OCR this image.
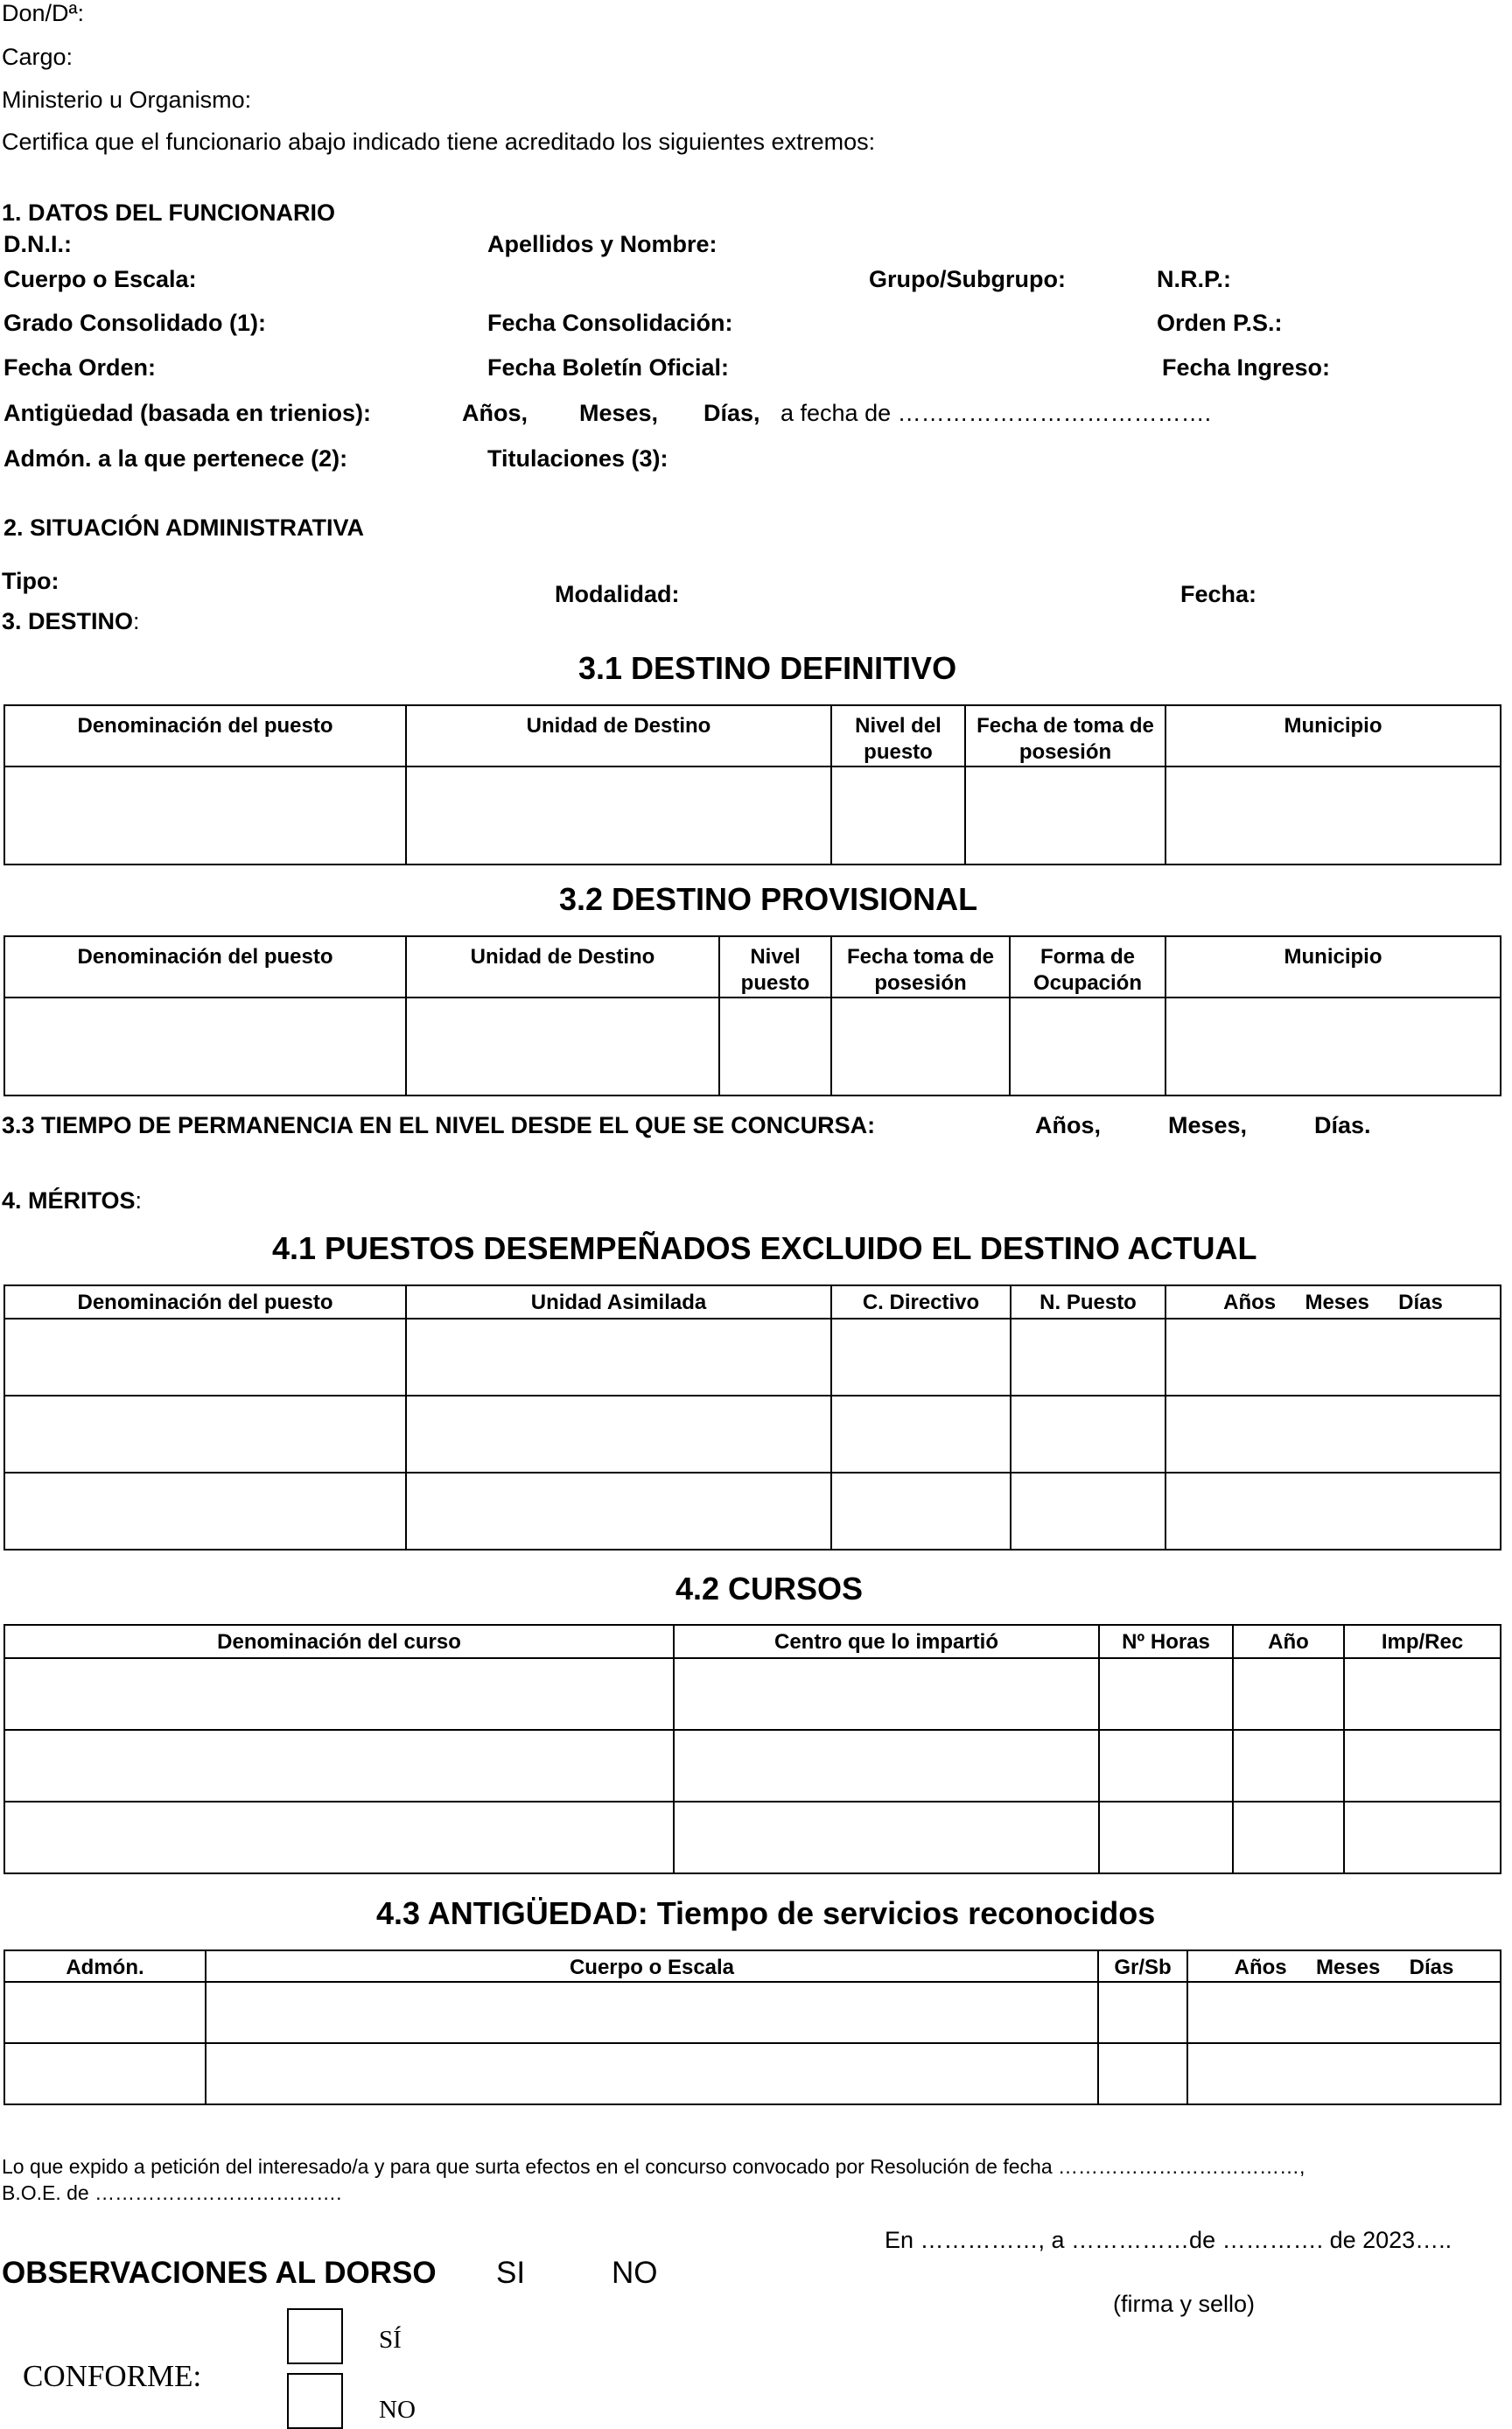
Don/Dª:
Cargo:
Ministerio u Organismo:
Certifica que el funcionario abajo indicado tiene acreditado los siguientes extremos:
1. DATOS DEL FUNCIONARIO
D.N.I.:	Apellidos y Nombre:
Cuerpo o Escala:	Grupo/Subgrupo:	N.R.P.:
Grado Consolidado (1):	Fecha Consolidación:	Orden P.S.:
Fecha Orden:	Fecha Boletín Oficial:	Fecha Ingreso:
Antigüedad (basada en trienios):	Años, Meses, Días, a fecha de ………………………………….
Admón. a la que pertenece (2):	Titulaciones (3):
2. SITUACIÓN ADMINISTRATIVA
Tipo:	Modalidad:	Fecha:
3. DESTINO:
3.1 DESTINO DEFINITIVO
Denominación del puesto	Unidad de Destino	Nivel del puesto	Fecha de toma de posesión	Municipio

3.2 DESTINO PROVISIONAL
Denominación del puesto	Unidad de Destino	Nivel puesto	Fecha toma de posesión	Forma de Ocupación	Municipio

3.3 TIEMPO DE PERMANENCIA EN EL NIVEL DESDE EL QUE SE CONCURSA:	Años,	Meses,	Días.
4. MÉRITOS:
4.1 PUESTOS DESEMPEÑADOS EXCLUIDO EL DESTINO ACTUAL
Denominación del puesto	Unidad Asimilada	C. Directivo	N. Puesto	Años     Meses     Días

4.2 CURSOS
Denominación del curso	Centro que lo impartió	Nº Horas	Año	Imp/Rec

4.3 ANTIGÜEDAD: Tiempo de servicios reconocidos
Admón.	Cuerpo o Escala	Gr/Sb	Años     Meses     Días

Lo que expido a petición del interesado/a y para que surta efectos en el concurso convocado por Resolución de fecha ………………………………,
B.O.E. de ……………………………….
En ……………, a ……………de …………. de 2023…..
(firma y sello)
OBSERVACIONES AL DORSO SI	NO
CONFORME:
SÍ
NO
